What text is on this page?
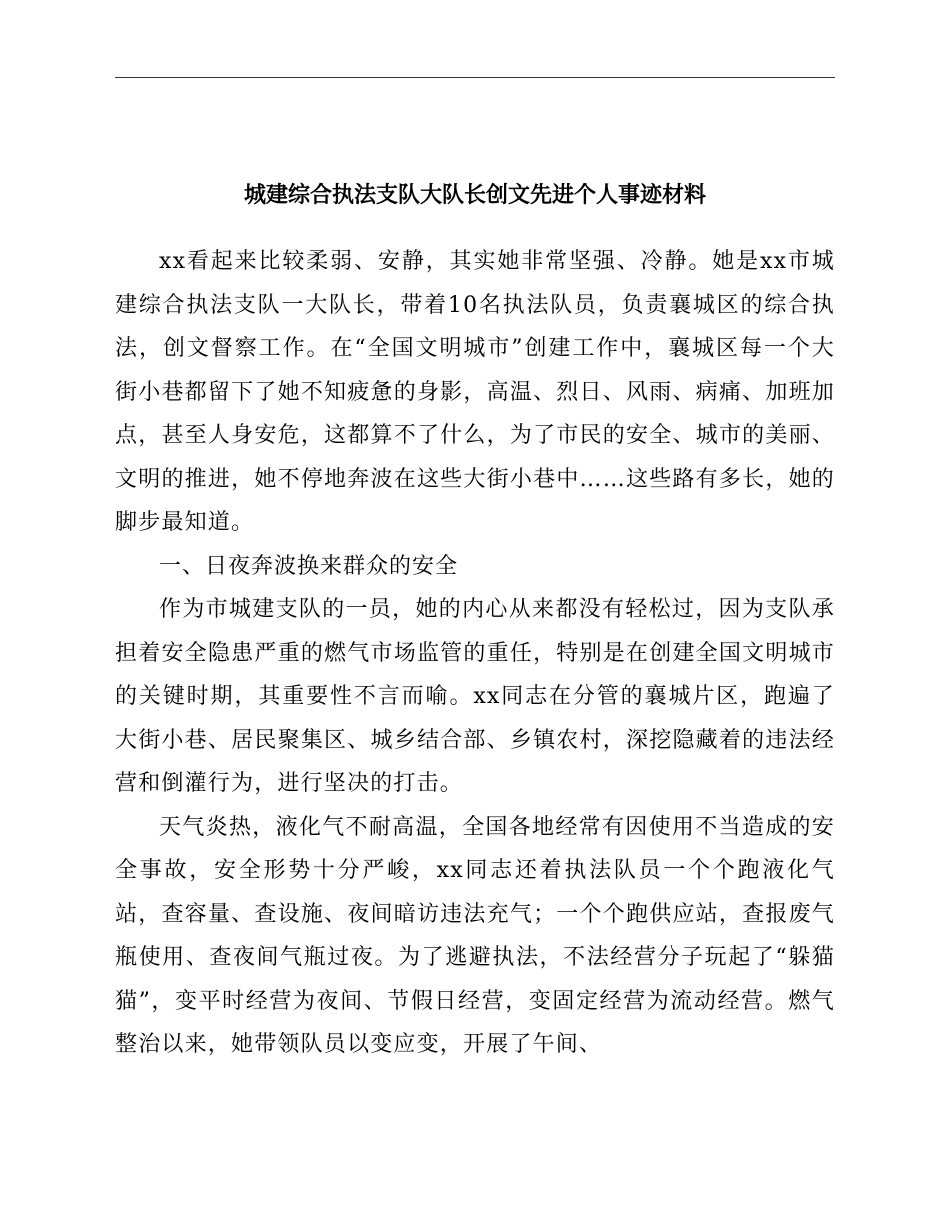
城建综合执法支队大队长创文先进个人事迹材料

xx看起来比较柔弱、安静，其实她非常坚强、冷静。她是xx市城建综合执法支队一大队长，带着10名执法队员，负责襄城区的综合执法，创文督察工作。在“全国文明城市”创建工作中，襄城区每一个大街小巷都留下了她不知疲惫的身影，高温、烈日、风雨、病痛、加班加点，甚至人身安危，这都算不了什么，为了市民的安全、城市的美丽、文明的推进，她不停地奔波在这些大街小巷中……这些路有多长，她的脚步最知道。

一、日夜奔波换来群众的安全

作为市城建支队的一员，她的内心从来都没有轻松过，因为支队承担着安全隐患严重的燃气市场监管的重任，特别是在创建全国文明城市的关键时期，其重要性不言而喻。xx同志在分管的襄城片区，跑遍了大街小巷、居民聚集区、城乡结合部、乡镇农村，深挖隐藏着的违法经营和倒灌行为，进行坚决的打击。

天气炎热，液化气不耐高温，全国各地经常有因使用不当造成的安全事故，安全形势十分严峻，xx同志还着执法队员一个个跑液化气站，查容量、查设施、夜间暗访违法充气；一个个跑供应站，查报废气瓶使用、查夜间气瓶过夜。为了逃避执法，不法经营分子玩起了“躲猫猫”，变平时经营为夜间、节假日经营，变固定经营为流动经营。燃气整治以来，她带领队员以变应变，开展了午间、
